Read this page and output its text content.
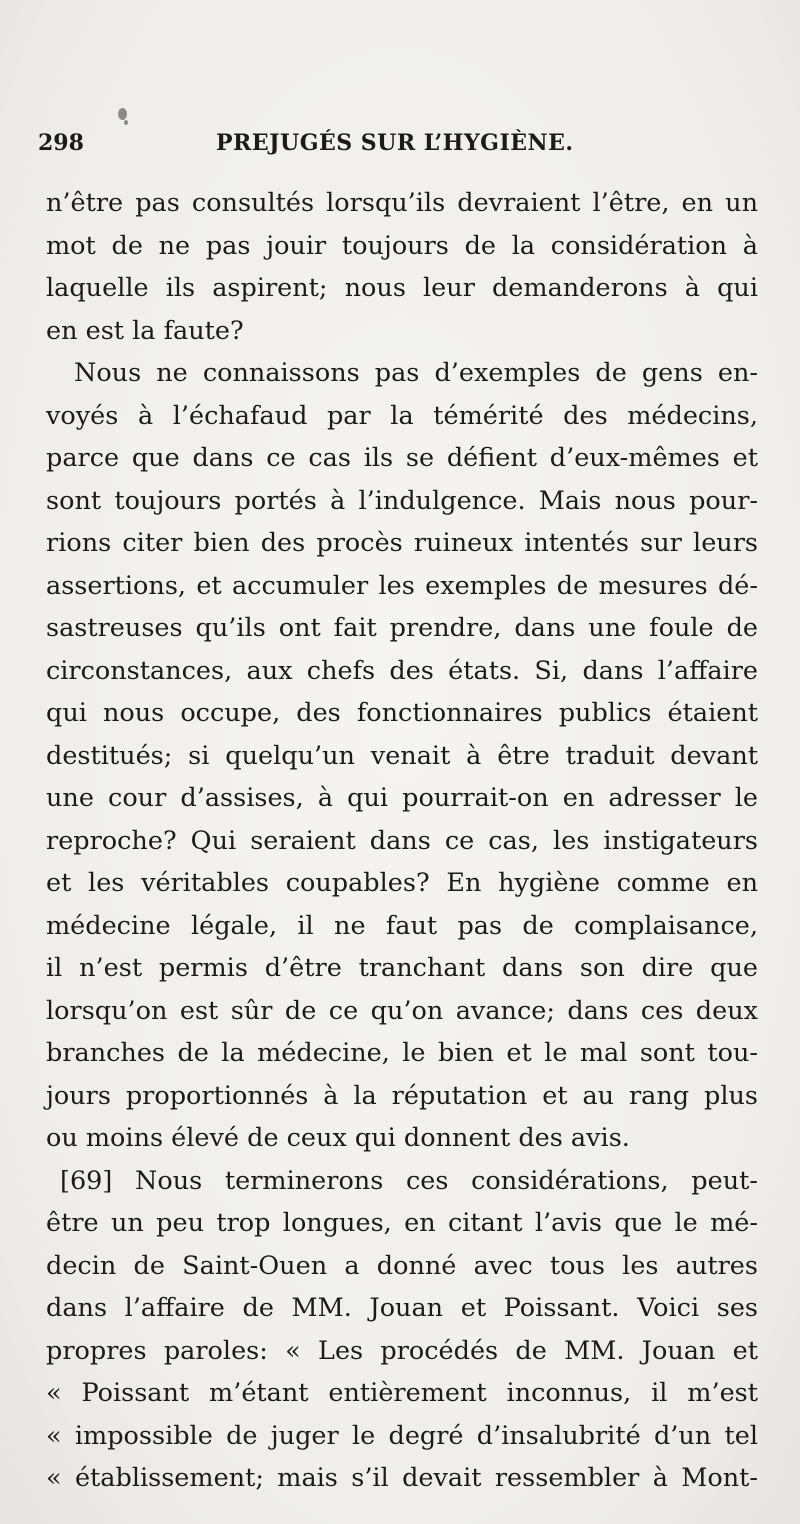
298	PREJUGÉS SUR L’HYGIÈNE.
n’être pas consultés lorsqu’ils devraient l’être, en un
mot de ne pas jouir toujours de la considération à
laquelle ils aspirent; nous leur demanderons à qui
en est la faute?
Nous ne connaissons pas d’exemples de gens en-
voyés à l’échafaud par la témérité des médecins,
parce que dans ce cas ils se défient d’eux-mêmes et
sont toujours portés à l’indulgence. Mais nous pour-
rions citer bien des procès ruineux intentés sur leurs
assertions, et accumuler les exemples de mesures dé-
sastreuses qu’ils ont fait prendre, dans une foule de
circonstances, aux chefs des états. Si, dans l’affaire
qui nous occupe, des fonctionnaires publics étaient
destitués; si quelqu’un venait à être traduit devant
une cour d’assises, à qui pourrait-on en adresser le
reproche? Qui seraient dans ce cas, les instigateurs
et les véritables coupables? En hygiène comme en
médecine légale, il ne faut pas de complaisance,
il n’est permis d’être tranchant dans son dire que
lorsqu’on est sûr de ce qu’on avance; dans ces deux
branches de la médecine, le bien et le mal sont tou-
jours proportionnés à la réputation et au rang plus
ou moins élevé de ceux qui donnent des avis.
[69] Nous terminerons ces considérations, peut-
être un peu trop longues, en citant l’avis que le mé-
decin de Saint-Ouen a donné avec tous les autres
dans l’affaire de MM. Jouan et Poissant. Voici ses
propres paroles: « Les procédés de MM. Jouan et
« Poissant m’étant entièrement inconnus, il m’est
« impossible de juger le degré d’insalubrité d’un tel
« établissement; mais s’il devait ressembler à Mont-
